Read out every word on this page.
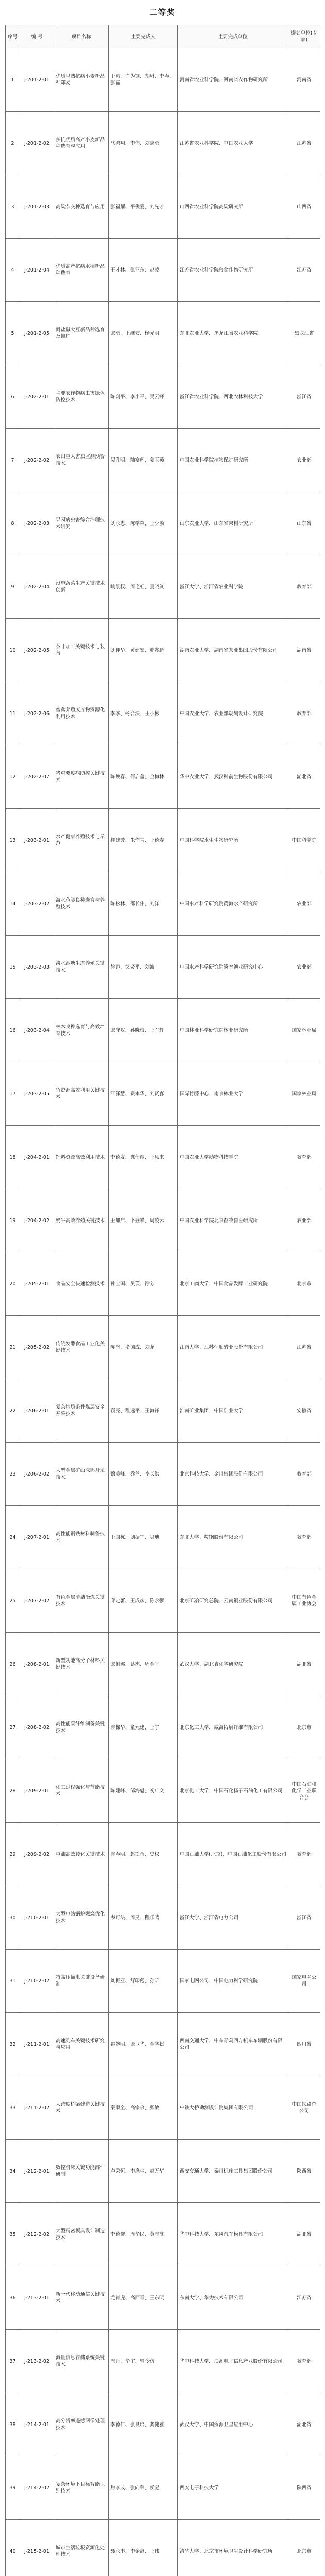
二等奖
序号	编 号	项目名称	主要完成人	主要完成单位	提名单位(专家)
1	J-201-2-01	优质早熟抗病小麦新品种郑麦	王惠、许为钢、胡琳、李春、张磊	河南省农业科学院、河南省农作物研究所	河南省
2	J-201-2-02	多抗优质高产小麦新品种选育与应用	马鸿翔、李伟、刘志勇	江苏省农业科学院、中国农业大学	江苏省
3	J-201-2-03	高粱杂交种选育与应用	张福耀、平俊爱、刘先才	山西省农业科学院高粱研究所	山西省
4	J-201-2-04	优质高产抗病水稻新品种选育	王才林、张亚东、赵凌	江苏省农业科学院粮食作物研究所	江苏省
5	J-201-2-05	耐盐碱大豆新品种选育及推广	张勇、王继安、杨光明	东北农业大学、黑龙江省农业科学院	黑龙江省
6	J-202-2-01	主要农作物病虫害绿色防控技术	陈剑平、李小平、吴云锋	浙江省农业科学院、西北农林科技大学	浙江省
7	J-202-2-02	农田重大害虫监测预警技术	吴孔明、陆宴辉、姜玉英	中国农业科学院植物保护研究所	农业部
8	J-202-2-03	果园病虫害综合治理技术研究	刘永忠、陈学森、王少敏	山东农业大学、山东省果树研究所	山东省
9	J-202-2-04	设施蔬菜生产关键技术创新	喻景权、周艳虹、夏晓剑	浙江大学、浙江省农业科学院	教育部
10	J-202-2-05	茶叶加工关键技术与装备	刘仲华、黄建安、施兆鹏	湖南农业大学、湖南省茶业集团股份有限公司	湖南省
11	J-202-2-06	畜禽养殖废弃物资源化利用技术	李季、杨合法、王小彬	中国农业大学、农业部规划设计研究院	教育部
12	J-202-2-07	猪重要疫病防控关键技术	陈焕春、何启盖、金梅林	华中农业大学、武汉科前生物股份有限公司	湖北省
13	J-203-2-01	水产健康养殖技术与示范	桂建芳、朱作言、王德寿	中国科学院水生生物研究所	中国科学院
14	J-203-2-02	海水鱼类良种选育与养殖技术	陈松林、邵长伟、刘洋	中国水产科学研究院黄海水产研究所	农业部
15	J-203-2-03	淡水池塘生态养殖关键技术	徐跑、戈贤平、刘波	中国水产科学研究院淡水渔业研究中心	农业部
16	J-203-2-04	林木良种选育与高效培育技术	张守攻、孙晓梅、王军辉	中国林业科学研究院林业研究所	国家林业局
17	J-203-2-05	竹资源高效利用关键技术	江泽慧、费本华、刘贤淼	国际竹藤中心、南京林业大学	国家林业局
18	J-204-2-01	饲料资源高效利用技术	李德发、谯仕彦、王凤来	中国农业大学动物科技学院	教育部
19	J-204-2-02	奶牛高效养殖关键技术	王加启、卜登攀、周凌云	中国农业科学院北京畜牧兽医研究所	农业部
20	J-205-2-01	食品安全快速检测技术	孙宝国、吴瑛、徐芳	北京工商大学、中国食品发酵工业研究院	北京市
21	J-205-2-02	传统发酵食品工业化关键技术	陈坚、堵国成、刘龙	江南大学、江苏恒顺醋业股份有限公司	江苏省
22	J-206-2-01	复杂地质条件煤层安全开采技术	袁亮、程远平、王海锋	淮南矿业集团、中国矿业大学	安徽省
23	J-206-2-02	大型金属矿山深部开采技术	蔡美峰、乔兰、李长洪	北京科技大学、金川集团股份有限公司	教育部
24	J-207-2-01	高性能钢铁材料制备技术	王国栋、刘振宇、吴迪	东北大学、鞍钢股份有限公司	教育部
25	J-207-2-02	有色金属清洁冶炼关键技术	邱定蕃、王成彦、陈永强	北京矿冶研究总院、云南铜业股份有限公司	中国有色金属工业协会
26	J-208-2-01	新型功能高分子材料关键技术	张俐娜、蔡杰、周金平	武汉大学、湖北省化学研究院	湖北省
27	J-208-2-02	高性能碳纤维制备关键技术	徐樑华、童元建、王宇	北京化工大学、威海拓展纤维有限公司	北京市
28	J-209-2-01	化工过程强化与节能技术	陈建峰、邹海魁、初广文	北京化工大学、中国石化扬子石油化工有限公司	中国石油和化学工业联合会
29	J-209-2-02	重油高效转化关键技术	徐春明、赵锁奇、史权	中国石油大学(北京)、中国石油化工股份有限公司	教育部
30	J-210-2-01	大型电站锅炉燃烧优化技术	岑可法、周昊、程乐鸣	浙江大学、浙江省电力公司	浙江省
31	J-210-2-02	特高压输电关键设备研制	刘振亚、舒印彪、孙昕	国家电网公司、中国电力科学研究院	国家电网公司
32	J-211-2-01	高速列车关键技术研究与应用	翟婉明、张卫华、金学松	西南交通大学、中车青岛四方机车车辆股份有限公司	四川省
33	J-211-2-02	大跨度桥梁建造关键技术	秦顺全、高宗余、张敏	中铁大桥勘测设计院集团有限公司	中国铁路总公司
34	J-212-2-01	数控机床关键功能部件研制	卢秉恒、李涤尘、赵万华	西安交通大学、秦川机床工具集团股份公司	陕西省
35	J-212-2-02	大型精密模具设计制造技术	李德群、周华民、黄志高	华中科技大学、东风汽车模具有限公司	湖北省
36	J-213-2-01	新一代移动通信关键技术	尤肖虎、高西奇、王东明	东南大学、华为技术有限公司	江苏省
37	J-213-2-02	海量信息存储系统关键技术	冯丹、华宇、曾令仿	华中科技大学、浪潮电子信息产业股份有限公司	教育部
38	J-214-2-01	高分辨率遥感图像处理技术	李德仁、张良培、龚健雅	武汉大学、中国资源卫星应用中心	湖北省
39	J-214-2-02	复杂环境下目标智能识别技术	焦李成、张向荣、侯彪	西安电子科技大学	陕西省
40	J-215-2-01	城市生活垃圾资源化处理技术	聂永丰、李金惠、王伟	清华大学、北京市环境卫生设计科学研究所	北京市
